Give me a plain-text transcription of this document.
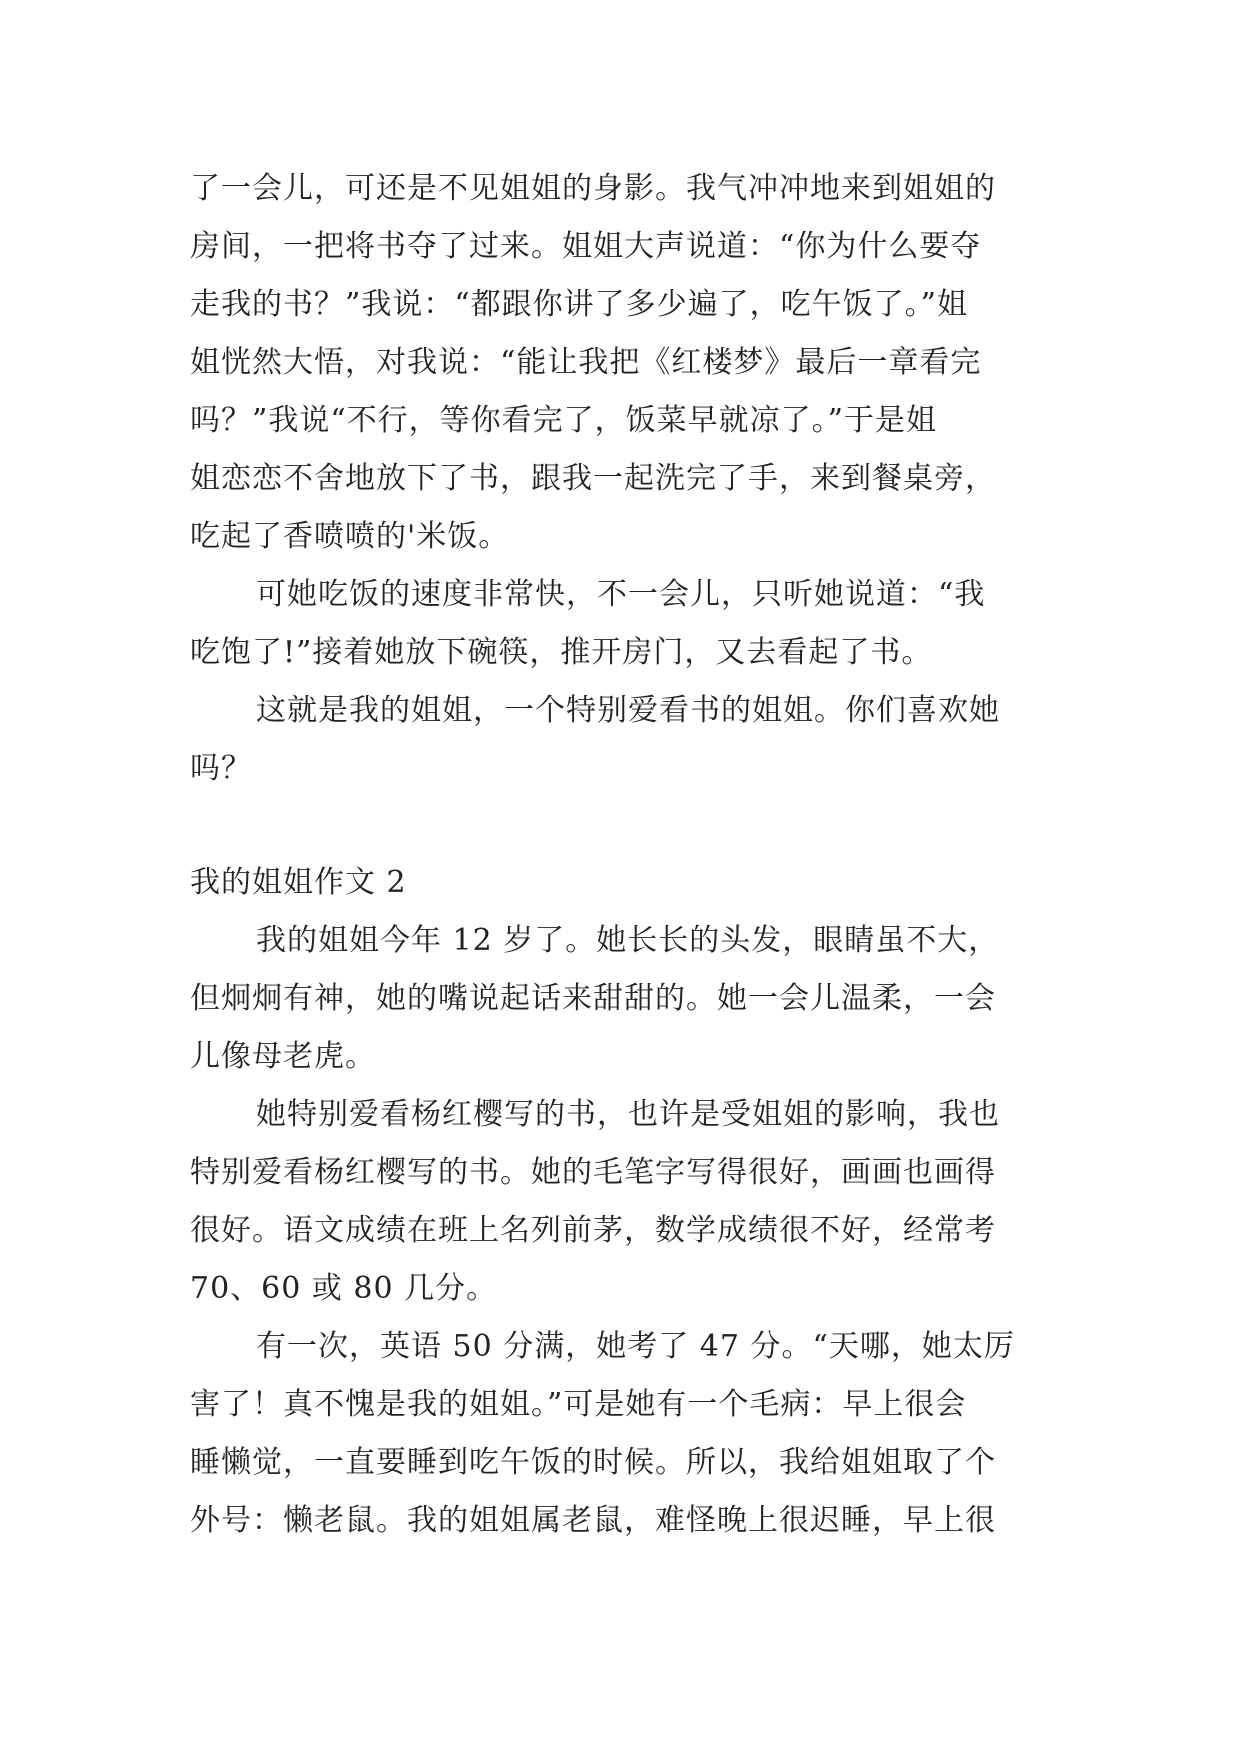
了一会儿，可还是不见姐姐的身影。我气冲冲地来到姐姐的
房间，一把将书夺了过来。姐姐大声说道：“你为什么要夺
走我的书？”我说：“都跟你讲了多少遍了，吃午饭了。”姐
姐恍然大悟，对我说：“能让我把《红楼梦》最后一章看完
吗？”我说“不行，等你看完了，饭菜早就凉了。”于是姐
姐恋恋不舍地放下了书，跟我一起洗完了手，来到餐桌旁，
吃起了香喷喷的'米饭。
可她吃饭的速度非常快，不一会儿，只听她说道：“我
吃饱了!”接着她放下碗筷，推开房门，又去看起了书。
这就是我的姐姐，一个特别爱看书的姐姐。你们喜欢她
吗？
我的姐姐作文 2
我的姐姐今年 12 岁了。她长长的头发，眼睛虽不大，
但炯炯有神，她的嘴说起话来甜甜的。她一会儿温柔，一会
儿像母老虎。
她特别爱看杨红樱写的书，也许是受姐姐的影响，我也
特别爱看杨红樱写的书。她的毛笔字写得很好，画画也画得
很好。语文成绩在班上名列前茅，数学成绩很不好，经常考
70、60 或 80 几分。
有一次，英语 50 分满，她考了 47 分。“天哪，她太厉
害了！真不愧是我的姐姐。”可是她有一个毛病：早上很会
睡懒觉，一直要睡到吃午饭的时候。所以，我给姐姐取了个
外号：懒老鼠。我的姐姐属老鼠，难怪晚上很迟睡，早上很
